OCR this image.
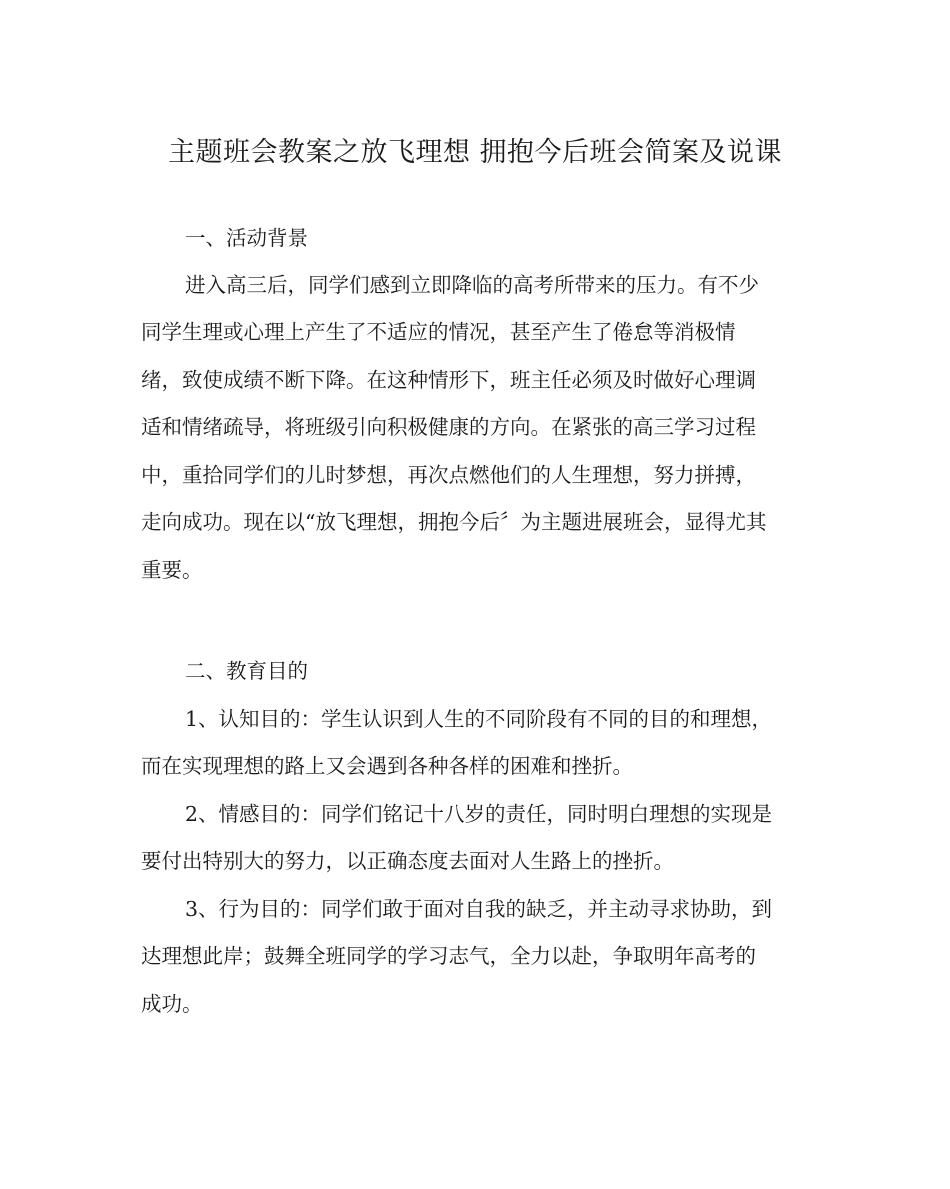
主题班会教案之放飞理想 拥抱今后班会简案及说课
一、活动背景
进入高三后，同学们感到立即降临的高考所带来的压力。有不少
同学生理或心理上产生了不适应的情况，甚至产生了倦怠等消极情
绪，致使成绩不断下降。在这种情形下，班主任必须及时做好心理调
适和情绪疏导，将班级引向积极健康的方向。在紧张的高三学习过程
中，重拾同学们的儿时梦想，再次点燃他们的人生理想，努力拼搏，
走向成功。现在以“放飞理想，拥抱今后〞为主题进展班会，显得尤其
重要。
二、教育目的
1、认知目的：学生认识到人生的不同阶段有不同的目的和理想，
而在实现理想的路上又会遇到各种各样的困难和挫折。
2、情感目的：同学们铭记十八岁的责任，同时明白理想的实现是
要付出特别大的努力，以正确态度去面对人生路上的挫折。
3、行为目的：同学们敢于面对自我的缺乏，并主动寻求协助，到
达理想此岸；鼓舞全班同学的学习志气，全力以赴，争取明年高考的
成功。
